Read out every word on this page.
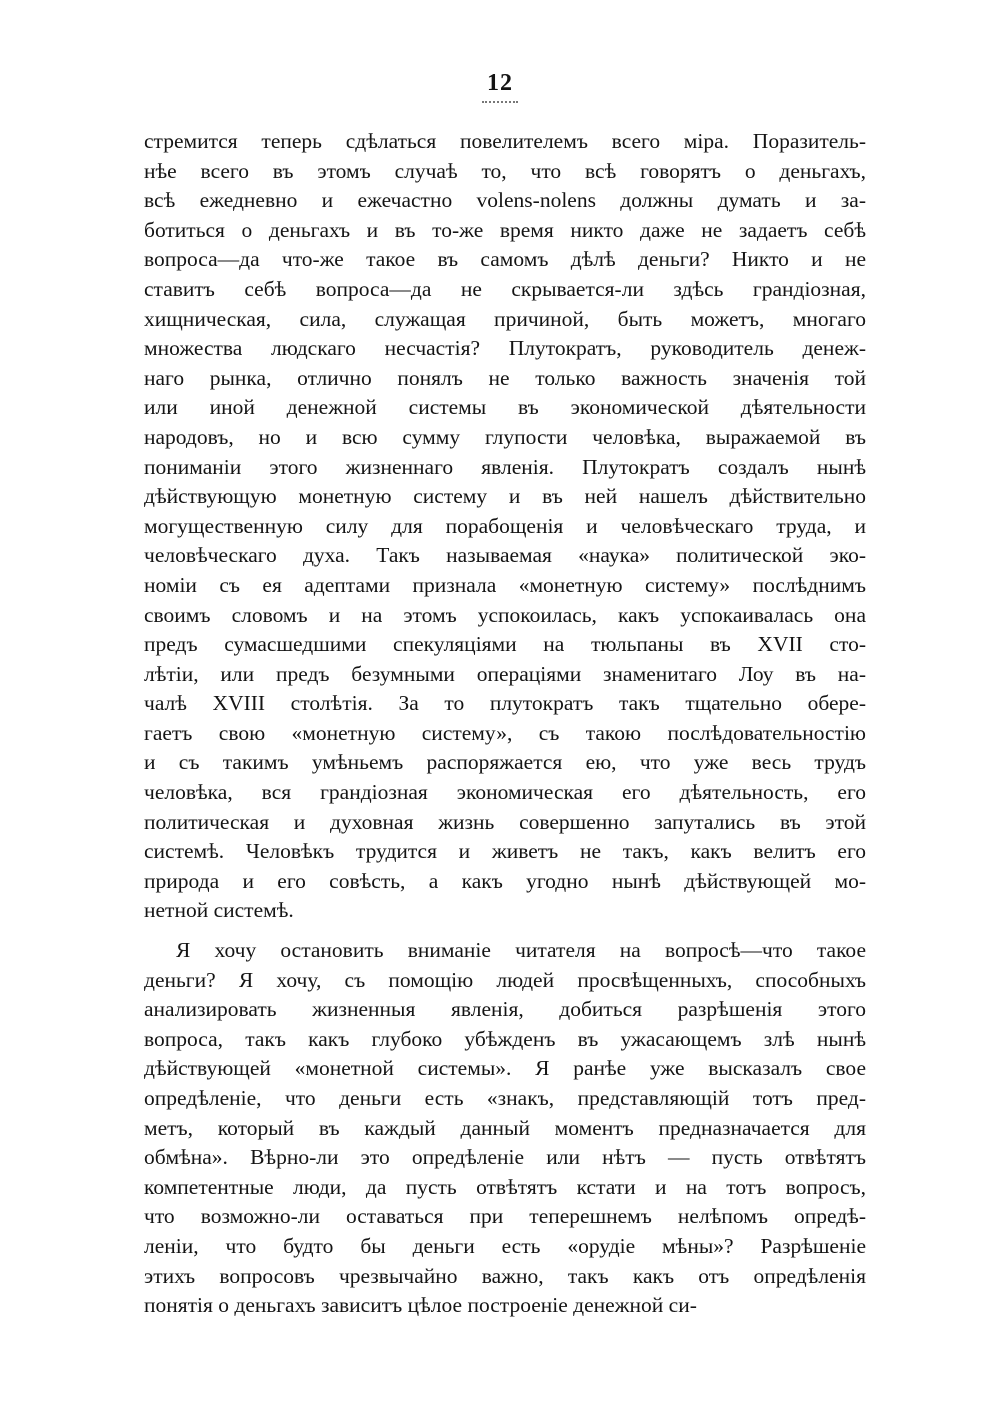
12
стремится теперь сдѣлаться повелителемъ всего міра. Поразитель-
нѣе всего въ этомъ случаѣ то, что всѣ говорятъ о деньгахъ,
всѣ ежедневно и ежечастно volens-nolens должны думать и за-
ботиться о деньгахъ и въ то-же время никто даже не задаетъ себѣ
вопроса—да что-же такое въ самомъ дѣлѣ деньги? Никто и не
ставитъ себѣ вопроса—да не скрывается-ли здѣсь грандіозная,
хищническая, сила, служащая причиной, быть можетъ, многаго
множества людскаго несчастія? Плутократъ, руководитель денеж-
наго рынка, отлично понялъ не только важность значенія той
или иной денежной системы въ экономической дѣятельности
народовъ, но и всю сумму глупости человѣка, выражаемой въ
пониманіи этого жизненнаго явленія. Плутократъ создалъ нынѣ
дѣйствующую монетную систему и въ ней нашелъ дѣйствительно
могущественную силу для порабощенія и человѣческаго труда, и
человѣческаго духа. Такъ называемая «наука» политической эко-
номіи съ ея адептами признала «монетную систему» послѣднимъ
своимъ словомъ и на этомъ успокоилась, какъ успокаивалась она
предъ сумасшедшими спекуляціями на тюльпаны въ XVII сто-
лѣтіи, или предъ безумными операціями знаменитаго Лоу въ на-
чалѣ XVIII столѣтія. За то плутократъ такъ тщательно обере-
гаетъ свою «монетную систему», съ такою послѣдовательностію
и съ такимъ умѣньемъ распоряжается ею, что уже весь трудъ
человѣка, вся грандіозная экономическая его дѣятельность, его
политическая и духовная жизнь совершенно запутались въ этой
системѣ. Человѣкъ трудится и живетъ не такъ, какъ велитъ его
природа и его совѣсть, а какъ угодно нынѣ дѣйствующей мо-
нетной системѣ.
Я хочу остановить вниманіе читателя на вопросѣ—что такое
деньги? Я хочу, съ помощію людей просвѣщенныхъ, способныхъ
анализировать жизненныя явленія, добиться разрѣшенія этого
вопроса, такъ какъ глубоко убѣжденъ въ ужасающемъ злѣ нынѣ
дѣйствующей «монетной системы». Я ранѣе уже высказалъ свое
опредѣленіе, что деньги есть «знакъ, представляющій тотъ пред-
метъ, который въ каждый данный моментъ предназначается для
обмѣна». Вѣрно-ли это опредѣленіе или нѣтъ — пусть отвѣтятъ
компетентные люди, да пусть отвѣтятъ кстати и на тотъ вопросъ,
что возможно-ли оставаться при теперешнемъ нелѣпомъ опредѣ-
леніи, что будто бы деньги есть «орудіе мѣны»? Разрѣшеніе
этихъ вопросовъ чрезвычайно важно, такъ какъ отъ опредѣленія
понятія о деньгахъ зависитъ цѣлое построеніе денежной си-
